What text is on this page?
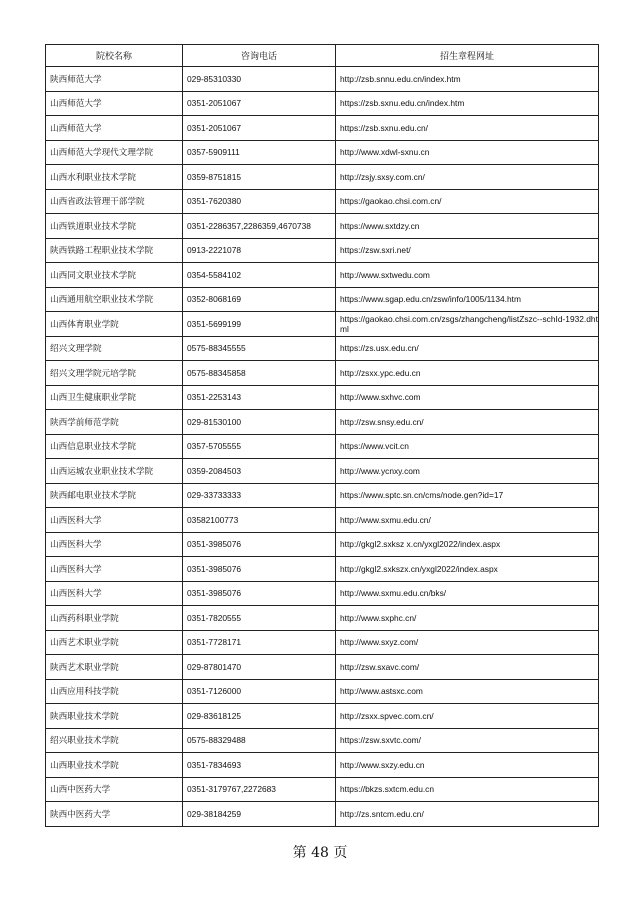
院校名称	咨询电话	招生章程网址
陕西师范大学	029-85310330	http://zsb.snnu.edu.cn/index.htm
山西师范大学	0351-2051067	https://zsb.sxnu.edu.cn/index.htm
山西师范大学	0351-2051067	https://zsb.sxnu.edu.cn/
山西师范大学现代文理学院	0357-5909111	http://www.xdwl-sxnu.cn
山西水利职业技术学院	0359-8751815	http://zsjy.sxsy.com.cn/
山西省政法管理干部学院	0351-7620380	https://gaokao.chsi.com.cn/
山西铁道职业技术学院	0351-2286357,2286359,4670738	https://www.sxtdzy.cn
陕西铁路工程职业技术学院	0913-2221078	https://zsw.sxri.net/
山西同文职业技术学院	0354-5584102	http://www.sxtwedu.com
山西通用航空职业技术学院	0352-8068169	https://www.sgap.edu.cn/zsw/info/1005/1134.htm
山西体育职业学院	0351-5699199	https://gaokao.chsi.com.cn/zsgs/zhangcheng/listZszc--schId-1932.dhtml
绍兴文理学院	0575-88345555	https://zs.usx.edu.cn/
绍兴文理学院元培学院	0575-88345858	http://zsxx.ypc.edu.cn
山西卫生健康职业学院	0351-2253143	http://www.sxhvc.com
陕西学前师范学院	029-81530100	http://zsw.snsy.edu.cn/
山西信息职业技术学院	0357-5705555	https://www.vcit.cn
山西运城农业职业技术学院	0359-2084503	http://www.ycnxy.com
陕西邮电职业技术学院	029-33733333	https://www.sptc.sn.cn/cms/node.gen?id=17
山西医科大学	03582100773	http://www.sxmu.edu.cn/
山西医科大学	0351-3985076	http://gkgl2.sxksz x.cn/yxgl2022/index.aspx
山西医科大学	0351-3985076	http://gkgl2.sxkszx.cn/yxgl2022/index.aspx
山西医科大学	0351-3985076	http://www.sxmu.edu.cn/bks/
山西药科职业学院	0351-7820555	http://www.sxphc.cn/
山西艺术职业学院	0351-7728171	http://www.sxyz.com/
陕西艺术职业学院	029-87801470	http://zsw.sxavc.com/
山西应用科技学院	0351-7126000	http://www.astsxc.com
陕西职业技术学院	029-83618125	http://zsxx.spvec.com.cn/
绍兴职业技术学院	0575-88329488	https://zsw.sxvtc.com/
山西职业技术学院	0351-7834693	http://www.sxzy.edu.cn
山西中医药大学	0351-3179767,2272683	https://bkzs.sxtcm.edu.cn
陕西中医药大学	029-38184259	http://zs.sntcm.edu.cn/
第 48 页
